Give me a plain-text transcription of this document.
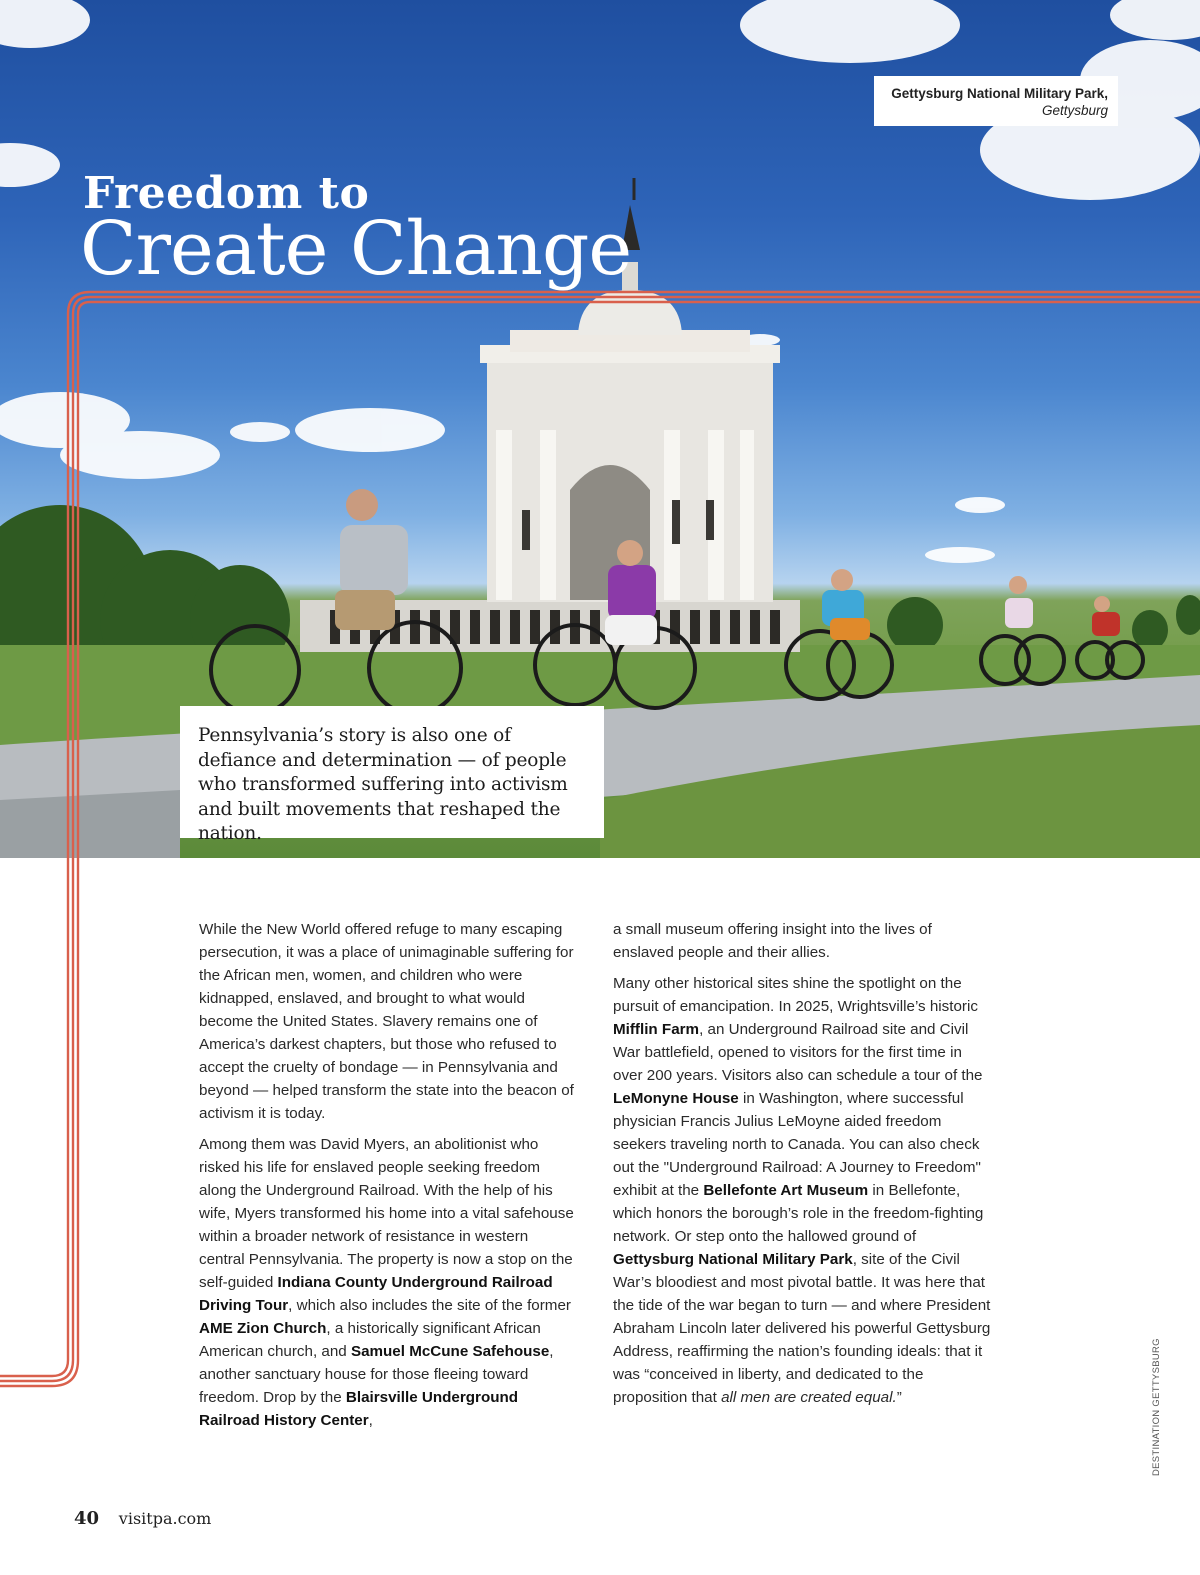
Gettysburg National Military Park,
Gettysburg
Freedom to
Create Change
Pennsylvania’s story is also one of defiance and determination — of people who transformed suffering into activism and built movements that reshaped the nation.

While the New World offered refuge to many escaping persecution, it was a place of unimaginable suffering for the African men, women, and children who were kidnapped, enslaved, and brought to what would become the United States. Slavery remains one of America’s darkest chapters, but those who refused to accept the cruelty of bondage — in Pennsylvania and beyond — helped transform the state into the beacon of activism it is today.

Among them was David Myers, an abolitionist who risked his life for enslaved people seeking freedom along the Underground Railroad. With the help of his wife, Myers transformed his home into a vital safehouse within a broader network of resistance in western central Pennsylvania. The property is now a stop on the self-guided Indiana County Underground Railroad Driving Tour, which also includes the site of the former AME Zion Church, a historically significant African American church, and Samuel McCune Safehouse, another sanctuary house for those fleeing toward freedom. Drop by the Blairsville Underground Railroad History Center,

a small museum offering insight into the lives of enslaved people and their allies.

Many other historical sites shine the spotlight on the pursuit of emancipation. In 2025, Wrightsville’s historic Mifflin Farm, an Underground Railroad site and Civil War battlefield, opened to visitors for the first time in over 200 years. Visitors also can schedule a tour of the LeMonyne House in Washington, where successful physician Francis Julius LeMoyne aided freedom seekers traveling north to Canada. You can also check out the "Underground Railroad: A Journey to Freedom" exhibit at the Bellefonte Art Museum in Bellefonte, which honors the borough’s role in the freedom-fighting network. Or step onto the hallowed ground of Gettysburg National Military Park, site of the Civil War’s bloodiest and most pivotal battle. It was here that the tide of the war began to turn — and where President Abraham Lincoln later delivered his powerful Gettysburg Address, reaffirming the nation’s founding ideals: that it was “conceived in liberty, and dedicated to the proposition that all men are created equal.”	DESTINATION GETTYSBURG
40 visitpa.com
